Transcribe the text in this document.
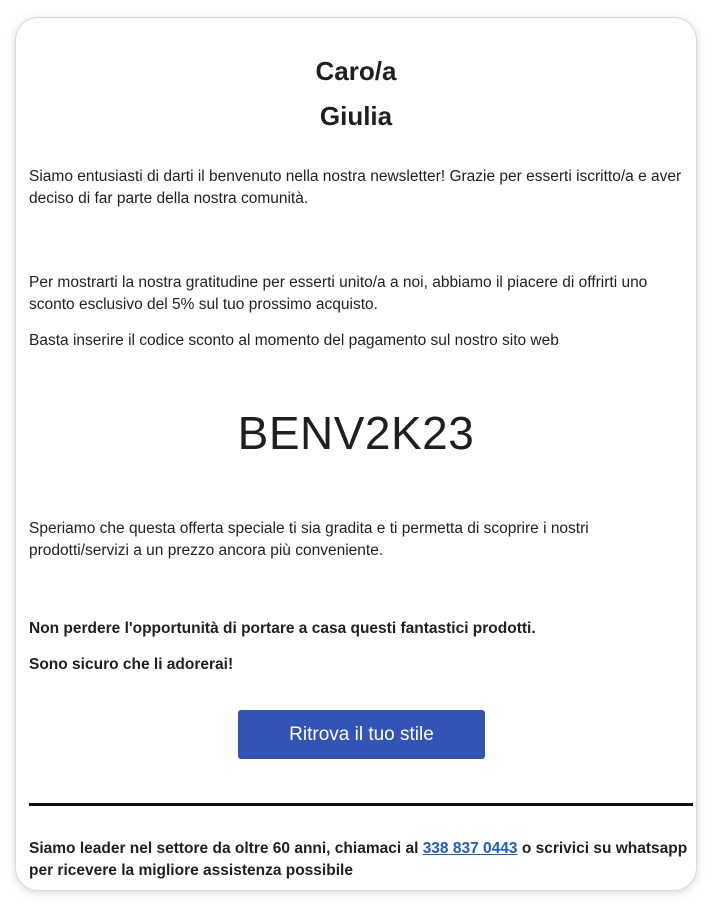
Caro/a
Giulia

Siamo entusiasti di darti il benvenuto nella nostra newsletter! Grazie per esserti iscritto/a e aver deciso di far parte della nostra comunità.

Per mostrarti la nostra gratitudine per esserti unito/a a noi, abbiamo il piacere di offrirti uno sconto esclusivo del 5% sul tuo prossimo acquisto.

Basta inserire il codice sconto al momento del pagamento sul nostro sito web

BENV2K23

Speriamo che questa offerta speciale ti sia gradita e ti permetta di scoprire i nostri prodotti/servizi a un prezzo ancora più conveniente.

Non perdere l'opportunità di portare a casa questi fantastici prodotti.

Sono sicuro che li adorerai!

Ritrova il tuo stile

Siamo leader nel settore da oltre 60 anni, chiamaci al 338 837 0443 o scrivici su whatsapp per ricevere la migliore assistenza possibile
